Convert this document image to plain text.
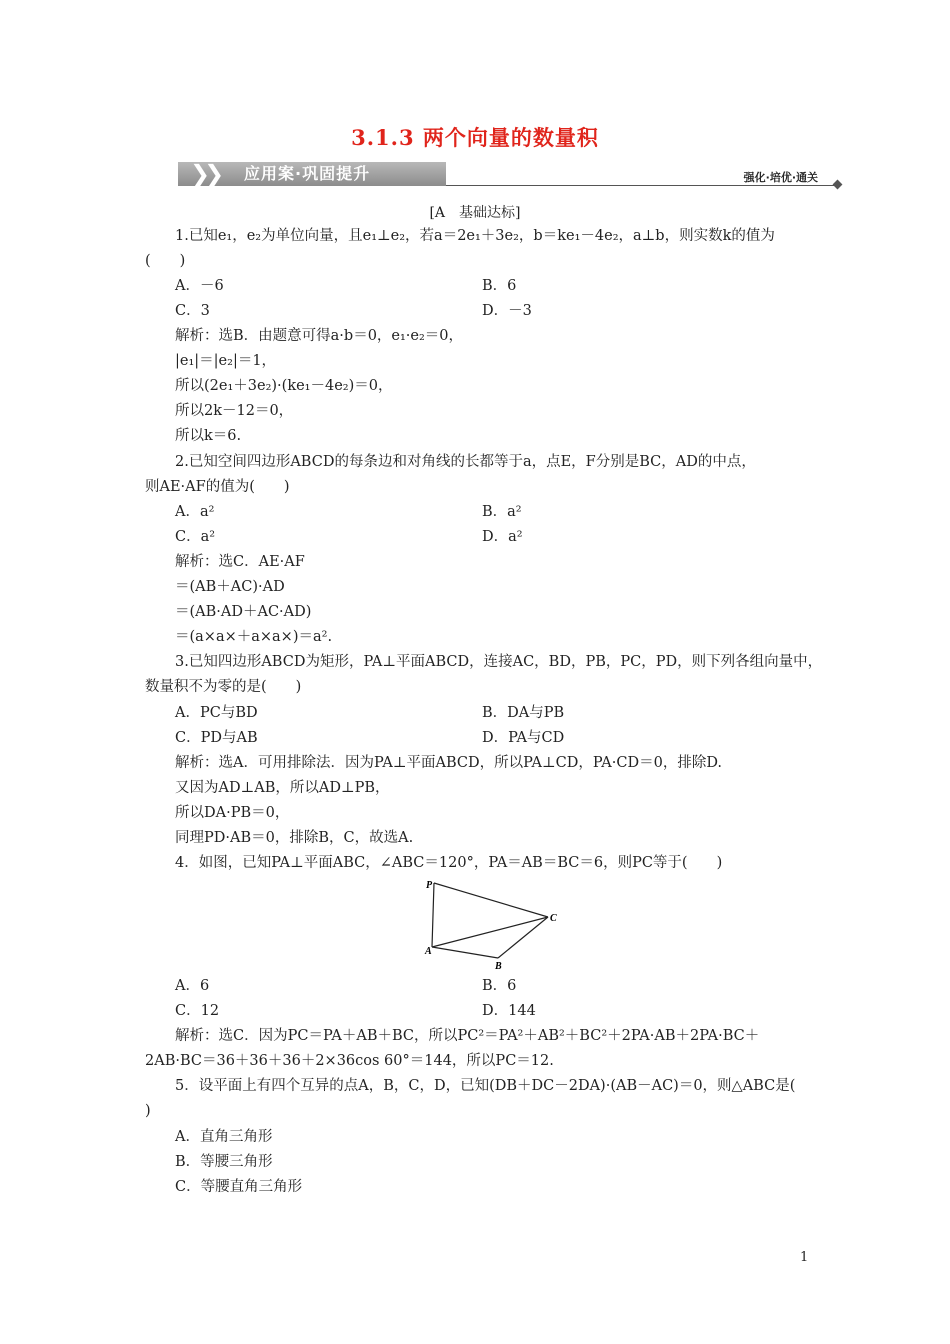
3.1.3 两个向量的数量积
❯❯ 应用案·巩固提升	强化·培优·通关
[A　基础达标]
1.已知e₁，e₂为单位向量，且e₁⊥e₂，若a＝2e₁＋3e₂，b＝ke₁－4e₂，a⊥b，则实数k的值为
(　　)
A．－6	B．6
C．3	D．－3
解析：选B．由题意可得a·b＝0，e₁·e₂＝0，
|e₁|＝|e₂|＝1，
所以(2e₁＋3e₂)·(ke₁－4e₂)＝0，
所以2k－12＝0，
所以k＝6.
2.已知空间四边形ABCD的每条边和对角线的长都等于a，点E，F分别是BC，AD的中点，
则AE·AF的值为(　　)
A．a²	B．a²
C．a²	D．a²
解析：选C．AE·AF
＝(AB＋AC)·AD
＝(AB·AD＋AC·AD)
＝(a×a×＋a×a×)＝a².
3.已知四边形ABCD为矩形，PA⊥平面ABCD，连接AC，BD，PB，PC，PD，则下列各组向量中，
数量积不为零的是(　　)
A．PC与BD	B．DA与PB
C．PD与AB	D．PA与CD
解析：选A．可用排除法．因为PA⊥平面ABCD，所以PA⊥CD，PA·CD＝0，排除D.
又因为AD⊥AB，所以AD⊥PB，
所以DA·PB＝0，
同理PD·AB＝0，排除B，C，故选A.
4．如图，已知PA⊥平面ABC，∠ABC＝120°，PA＝AB＝BC＝6，则PC等于(　　)
A．6	B．6
C．12	D．144
解析：选C．因为PC＝PA＋AB＋BC，所以PC²＝PA²＋AB²＋BC²＋2PA·AB＋2PA·BC＋
2AB·BC＝36＋36＋36＋2×36cos 60°＝144，所以PC＝12.
5．设平面上有四个互异的点A，B，C，D，已知(DB＋DC－2DA)·(AB－AC)＝0，则△ABC是(
)
A．直角三角形
B．等腰三角形
C．等腰直角三角形
P
A
B
C
1
